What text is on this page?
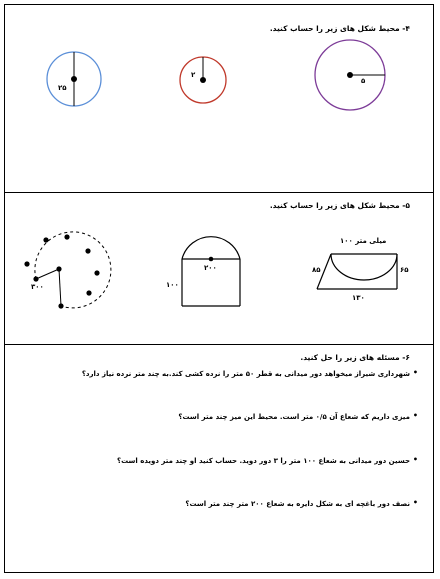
۴- محیط شکل های زیر را حساب کنید.
۲۵
۲
۵
۳۰۰
۲۰۰
۱۰۰
۱۰۰ میلی متر
۸۵	۶۵
۱۳۰
۵- محیط شکل های زیر را حساب کنید.
۶- مسئله های زیر را حل کنید.
•
شهرداری شیراز میخواهد دور میدانی به قطر ۵۰ متر را نرده کشی کند.به چند متر نرده نیاز دارد؟
•
میزی داریم که شعاع آن ۰/۵ متر است. محیط این میز چند متر است؟
•
حسین دور میدانی به شعاع ۱۰۰ متر را ۳ دور دوید. حساب کنید او چند متر دویده است؟
•
نصف دور باغچه ای به شکل دایره به شعاع ۲۰۰ متر چند متر است؟
